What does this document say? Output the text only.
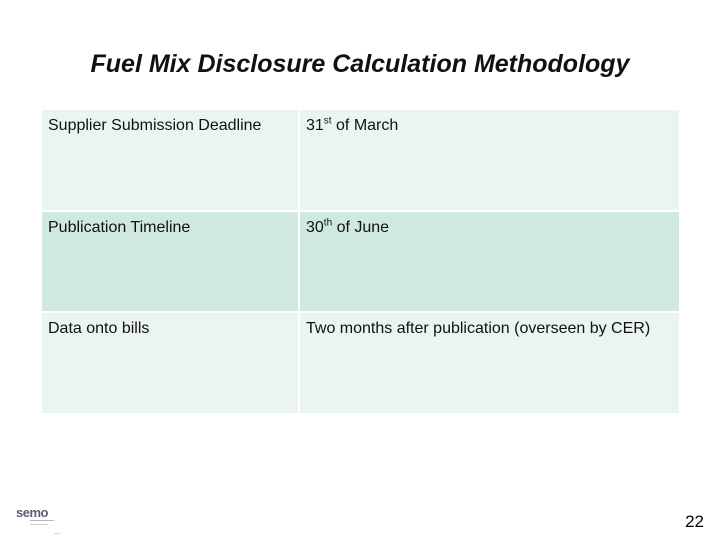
Fuel Mix Disclosure Calculation Methodology
Supplier Submission Deadline	31st of March
Publication Timeline	30th of June
Data onto bills	Two months after publication (overseen by CER)
semo	22
